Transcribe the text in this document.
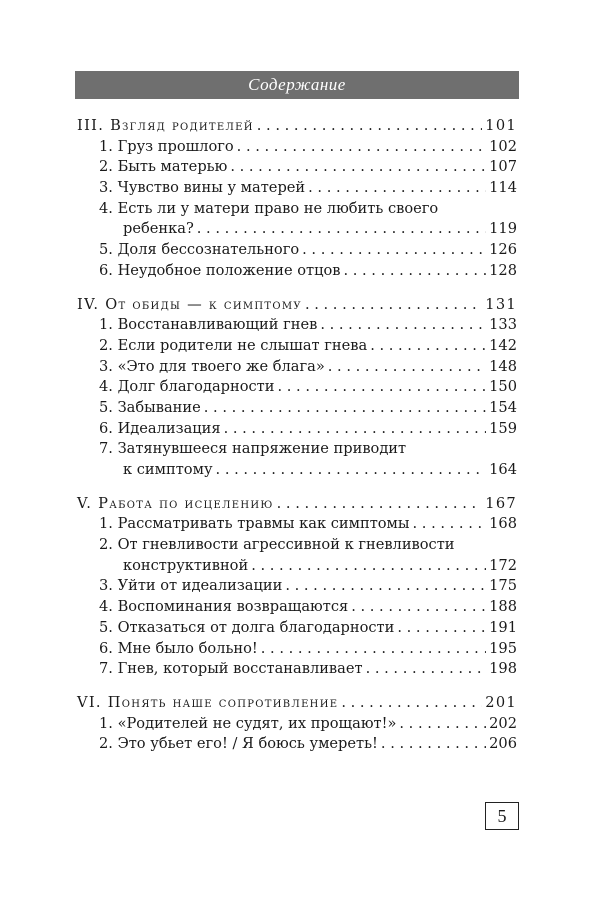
Содержание
III. Взгляд родителей . . .	101
1. Груз прошлого . . .	102
2. Быть матерью . . .	107
3. Чувство вины у матерей . . .	114
4. Есть ли у матери право не любить своего
ребенка? . . .	119
5. Доля бессознательного . . .	126
6. Неудобное положение отцов . . .	128
IV. От обиды — к симптому . . .	131
1. Восстанавливающий гнев . . .	133
2. Если родители не слышат гнева . . .	142
3. «Это для твоего же блага» . . .	148
4. Долг благодарности . . .	150
5. Забывание . . .	154
6. Идеализация . . .	159
7. Затянувшееся напряжение приводит
к симптому . . .	164
V. Работа по исцелению . . .	167
1. Рассматривать травмы как симптомы . . .	168
2. От гневливости агрессивной к гневливости
конструктивной . . .	172
3. Уйти от идеализации . . .	175
4. Воспоминания возвращаются . . .	188
5. Отказаться от долга благодарности . . .	191
6. Мне было больно! . . .	195
7. Гнев, который восстанавливает . . .	198
VI. Понять наше сопротивление . . .	201
1. «Родителей не судят, их прощают!» . . .	202
2. Это убьет его! / Я боюсь умереть! . . .	206
5
